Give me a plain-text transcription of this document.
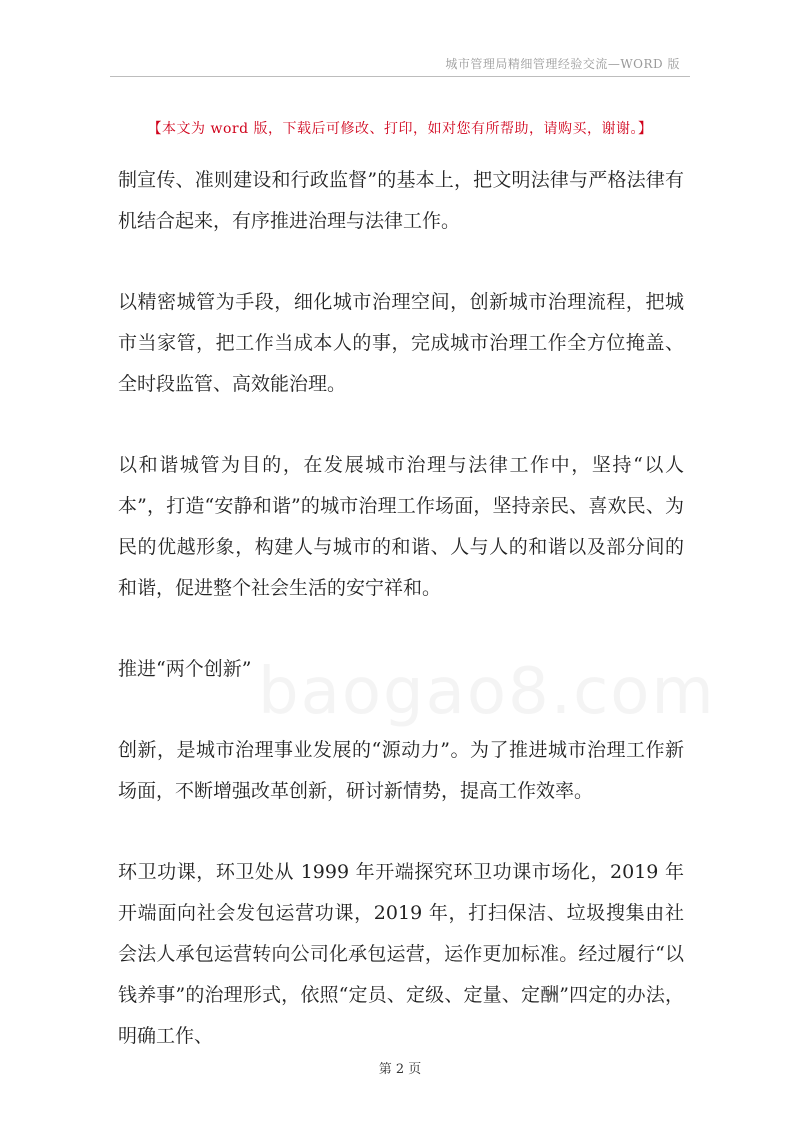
城市管理局精细管理经验交流—WORD 版
【本文为 word 版，下载后可修改、打印，如对您有所帮助，请购买，谢谢。】
baogao8.com

制宣传、准则建设和行政监督”的基本上，把文明法律与严格法律有机结合起来，有序推进治理与法律工作。

以精密城管为手段，细化城市治理空间，创新城市治理流程，把城市当家管，把工作当成本人的事，完成城市治理工作全方位掩盖、全时段监管、高效能治理。

以和谐城管为目的，在发展城市治理与法律工作中，坚持“以人本”，打造“安静和谐”的城市治理工作场面，坚持亲民、喜欢民、为民的优越形象，构建人与城市的和谐、人与人的和谐以及部分间的和谐，促进整个社会生活的安宁祥和。

推进“两个创新”

创新，是城市治理事业发展的“源动力”。为了推进城市治理工作新场面，不断增强改革创新，研讨新情势，提高工作效率。

环卫功课，环卫处从 1999 年开端探究环卫功课市场化，2019 年开端面向社会发包运营功课，2019 年，打扫保洁、垃圾搜集由社会法人承包运营转向公司化承包运营，运作更加标准。经过履行“以钱养事”的治理形式，依照“定员、定级、定量、定酬”四定的办法，明确工作、

第 2 页
